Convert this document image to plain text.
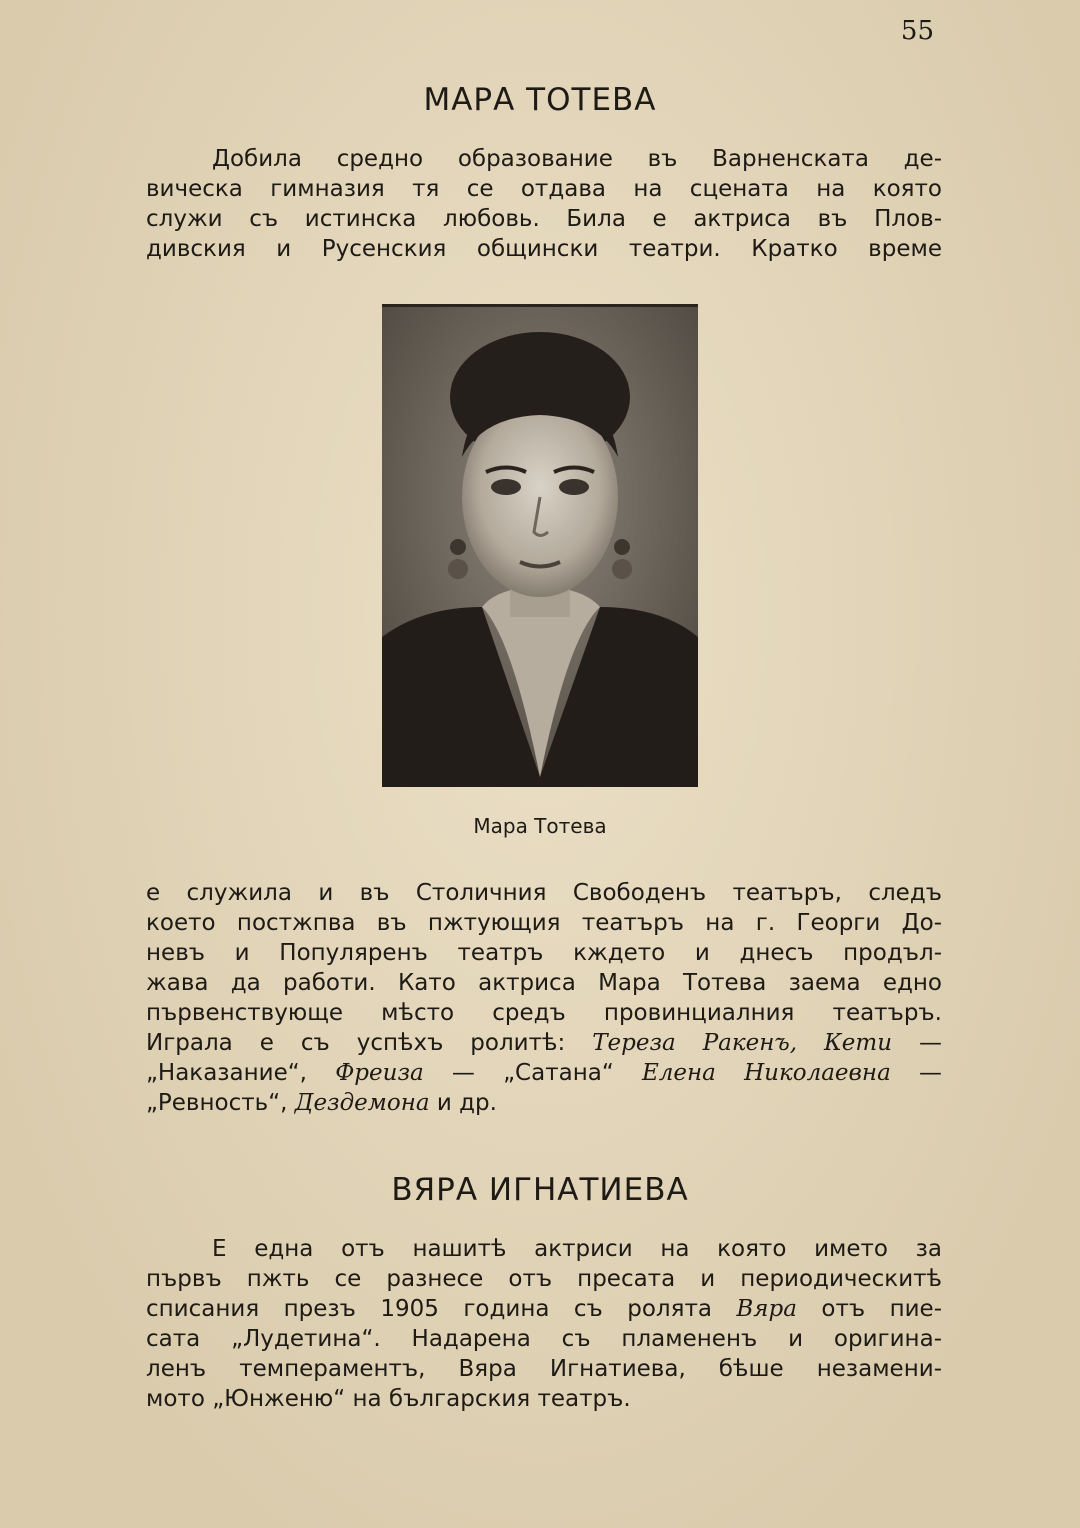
55
МАРА ТОТЕВА

Добила средно образование въ Варненската де-

вическа гимназия тя се отдава на сцената на която

служи съ истинска любовь. Била е актриса въ Плов-

дивския и Русенския общински театри. Кратко време

Мара Тотева

е служила и въ Столичния Свободенъ театъръ, следъ

което постжпва въ пжтующия театъръ на г. Георги До-

невъ и Популяренъ театръ кждето и днесъ продъл-

жава да работи. Като актриса Мара Тотева заема едно

първенствующе мѣсто средъ провинциалния театъръ.

Играла е съ успѣхъ ролитѣ: Тереза Ракенъ, Кети —

„Наказание“, Фреиза — „Сатана“ Елена Николаевна —

„Ревность“, Дездемона и др.

ВЯРА ИГНАТИЕВА

Е една отъ нашитѣ актриси на която името за

първъ пжть се разнесе отъ пресата и периодическитѣ

списания презъ 1905 година съ ролята Вяра отъ пие-

сата „Лудетина“. Надарена съ пламененъ и оригина-

ленъ темпераментъ, Вяра Игнатиева, бѣше незамени-

мото „Юнженю“ на българския театръ.
